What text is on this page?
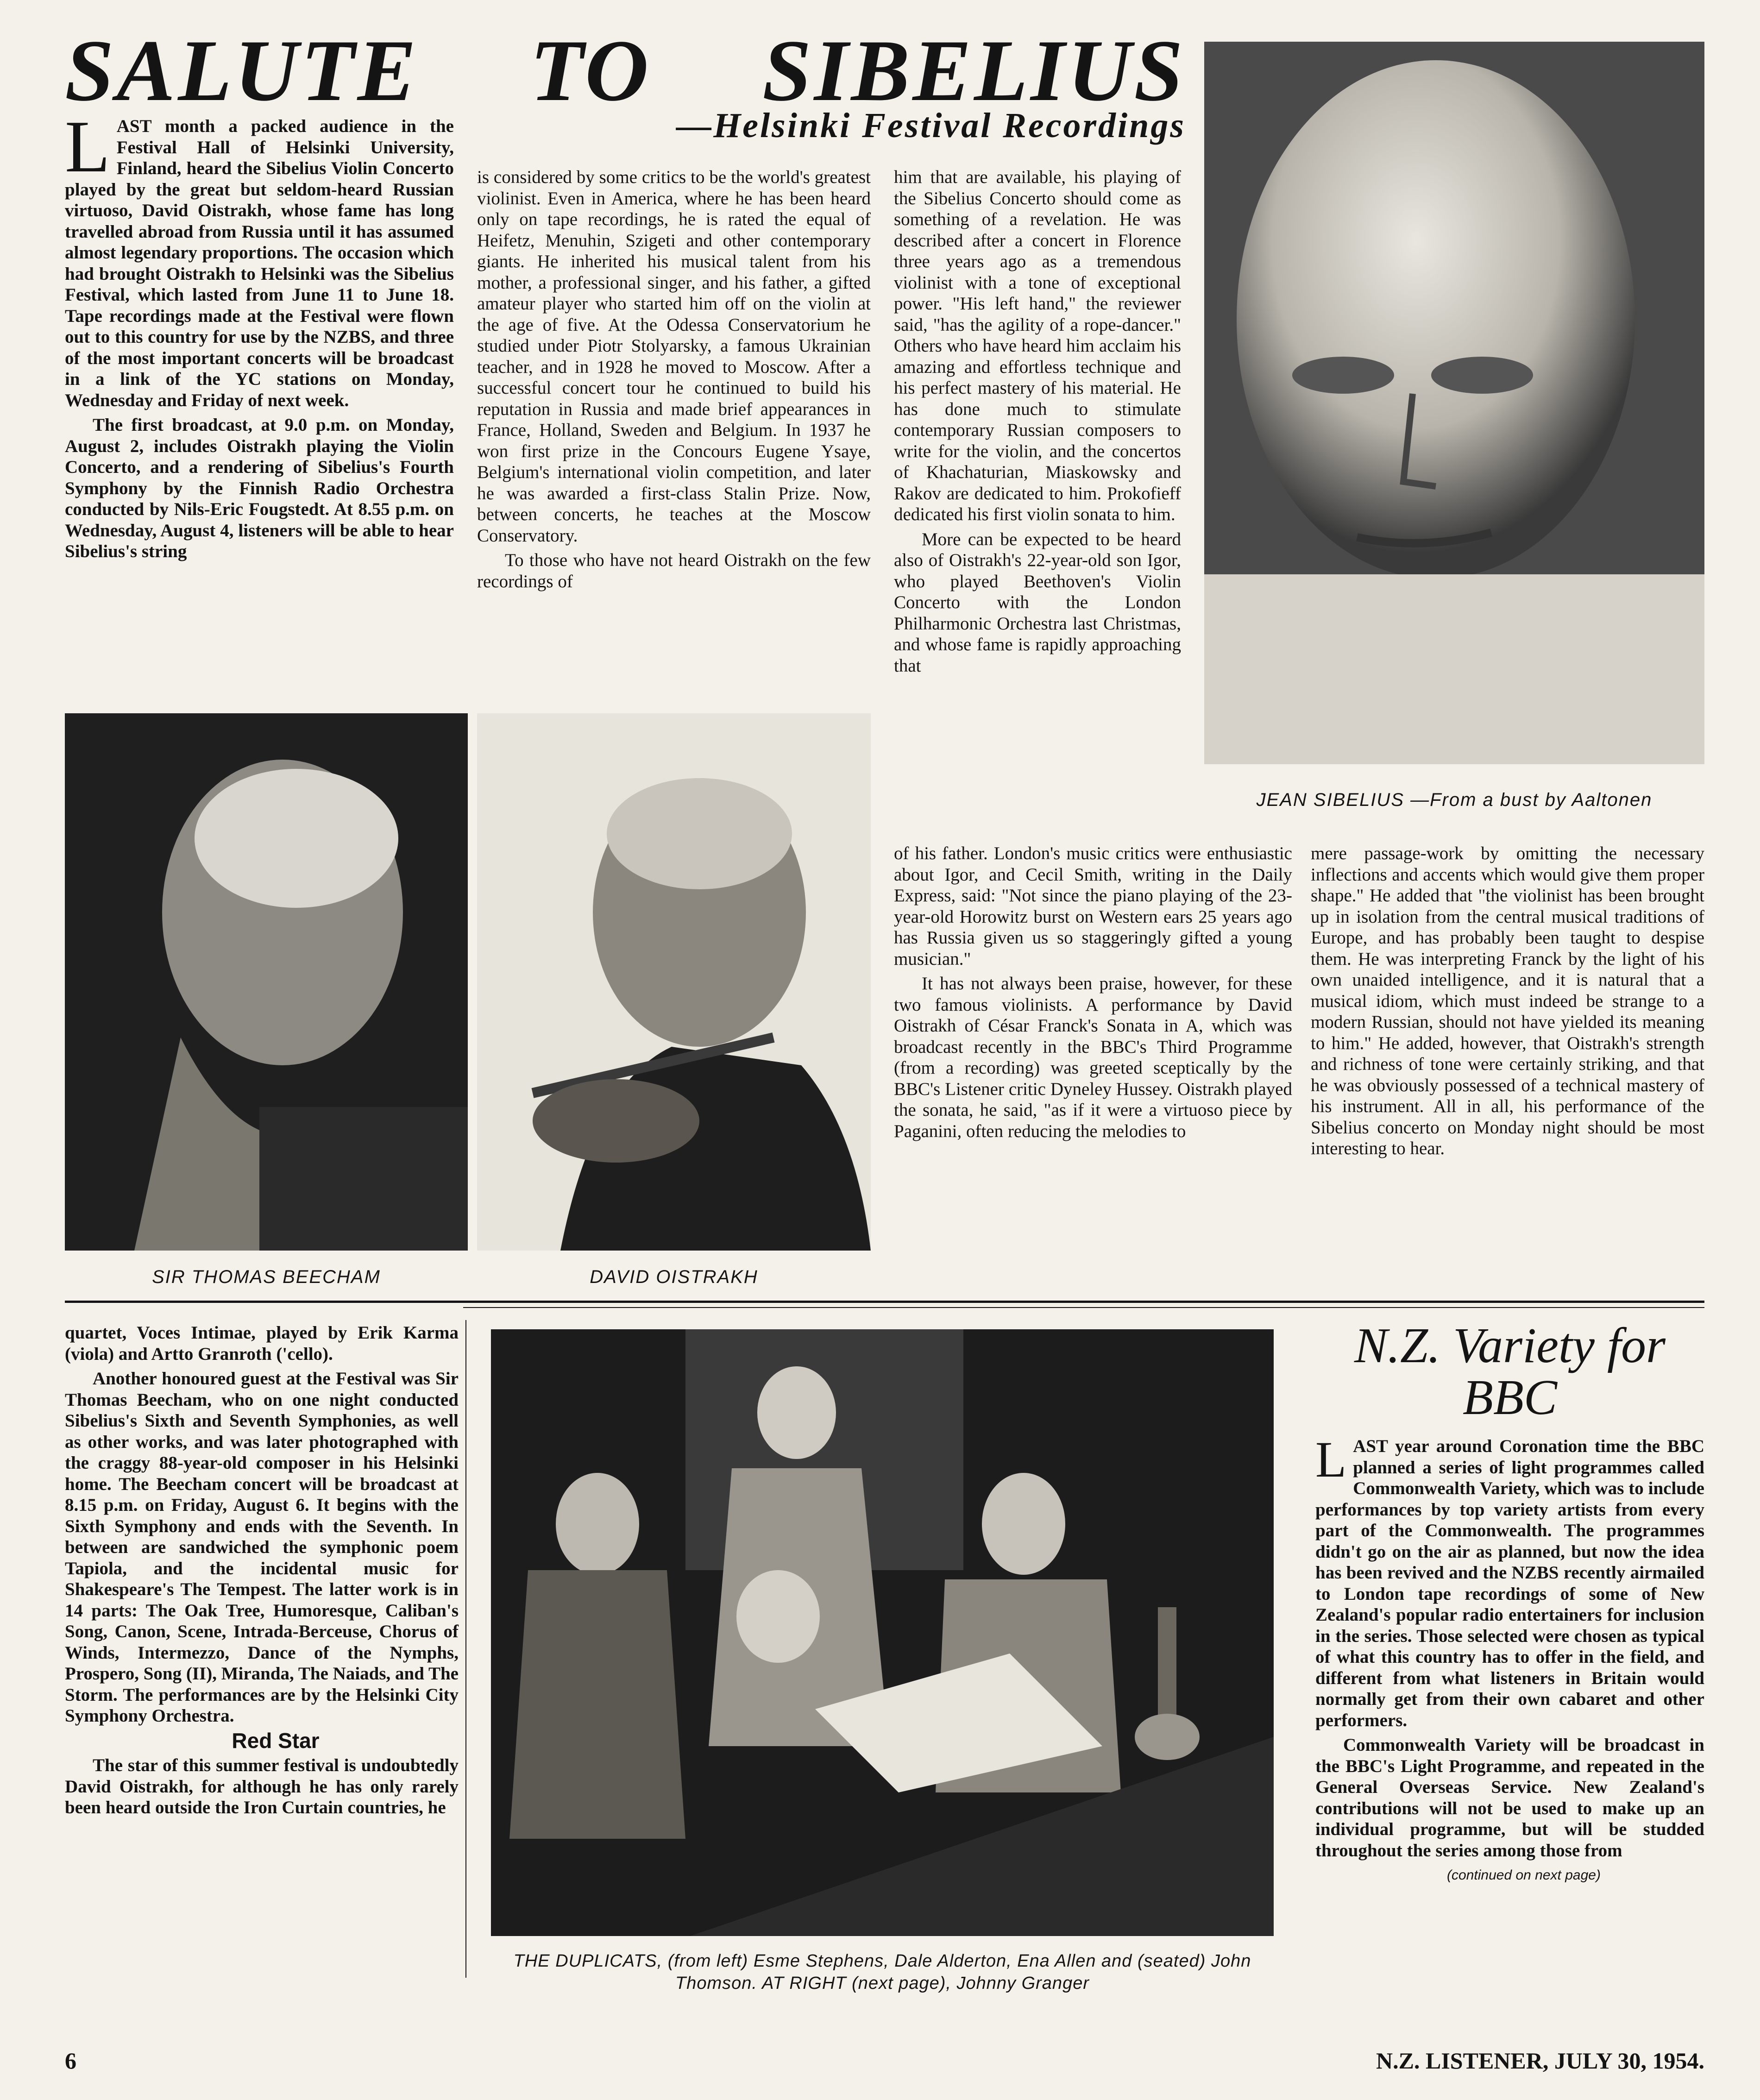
SALUTE TO SIBELIUS
—Helsinki Festival Recordings

L AST month a packed audience in the Festival Hall of Helsinki University, Finland, heard the Sibelius Violin Concerto played by the great but seldom-heard Russian virtuoso, David Oistrakh, whose fame has long travelled abroad from Russia until it has assumed almost legendary proportions. The occasion which had brought Oistrakh to Helsinki was the Sibelius Festival, which lasted from June 11 to June 18. Tape recordings made at the Festival were flown out to this country for use by the NZBS, and three of the most important concerts will be broadcast in a link of the YC stations on Monday, Wednesday and Friday of next week.

The first broadcast, at 9.0 p.m. on Monday, August 2, includes Oistrakh playing the Violin Concerto, and a rendering of Sibelius's Fourth Symphony by the Finnish Radio Orchestra conducted by Nils-Eric Fougstedt. At 8.55 p.m. on Wednesday, August 4, listeners will be able to hear Sibelius's string

is considered by some critics to be the world's greatest violinist. Even in America, where he has been heard only on tape recordings, he is rated the equal of Heifetz, Menuhin, Szigeti and other contemporary giants. He inherited his musical talent from his mother, a professional singer, and his father, a gifted amateur player who started him off on the violin at the age of five. At the Odessa Conservatorium he studied under Piotr Stolyarsky, a famous Ukrainian teacher, and in 1928 he moved to Moscow. After a successful concert tour he continued to build his reputation in Russia and made brief appearances in France, Holland, Sweden and Belgium. In 1937 he won first prize in the Concours Eugene Ysaye, Belgium's international violin competition, and later he was awarded a first-class Stalin Prize. Now, between concerts, he teaches at the Moscow Conservatory.

To those who have not heard Oistrakh on the few recordings of

him that are available, his playing of the Sibelius Concerto should come as something of a revelation. He was described after a concert in Florence three years ago as a tremendous violinist with a tone of exceptional power. "His left hand," the reviewer said, "has the agility of a rope-dancer." Others who have heard him acclaim his amazing and effortless technique and his perfect mastery of his material. He has done much to stimulate contemporary Russian composers to write for the violin, and the concertos of Khachaturian, Miaskowsky and Rakov are dedicated to him. Prokofieff dedicated his first violin sonata to him.

More can be expected to be heard also of Oistrakh's 22-year-old son Igor, who played Beethoven's Violin Concerto with the London Philharmonic Orchestra last Christmas, and whose fame is rapidly approaching that

of his father. London's music critics were enthusiastic about Igor, and Cecil Smith, writing in the Daily Express, said: "Not since the piano playing of the 23-year-old Horowitz burst on Western ears 25 years ago has Russia given us so staggeringly gifted a young musician."

It has not always been praise, however, for these two famous violinists. A performance by David Oistrakh of César Franck's Sonata in A, which was broadcast recently in the BBC's Third Programme (from a recording) was greeted sceptically by the BBC's Listener critic Dyneley Hussey. Oistrakh played the sonata, he said, "as if it were a virtuoso piece by Paganini, often reducing the melodies to

mere passage-work by omitting the necessary inflections and accents which would give them proper shape." He added that "the violinist has been brought up in isolation from the central musical traditions of Europe, and has probably been taught to despise them. He was interpreting Franck by the light of his own unaided intelligence, and it is natural that a musical idiom, which must indeed be strange to a modern Russian, should not have yielded its meaning to him." He added, however, that Oistrakh's strength and richness of tone were certainly striking, and that he was obviously possessed of a technical mastery of his instrument. All in all, his performance of the Sibelius concerto on Monday night should be most interesting to hear.

JEAN SIBELIUS —From a bust by Aaltonen
SIR THOMAS BEECHAM	DAVID OISTRAKH

quartet, Voces Intimae, played by Erik Karma (viola) and Artto Granroth ('cello).

Another honoured guest at the Festival was Sir Thomas Beecham, who on one night conducted Sibelius's Sixth and Seventh Symphonies, as well as other works, and was later photographed with the craggy 88-year-old composer in his Helsinki home. The Beecham concert will be broadcast at 8.15 p.m. on Friday, August 6. It begins with the Sixth Symphony and ends with the Seventh. In between are sandwiched the symphonic poem Tapiola, and the incidental music for Shakespeare's The Tempest. The latter work is in 14 parts: The Oak Tree, Humoresque, Caliban's Song, Canon, Scene, Intrada-Berceuse, Chorus of Winds, Intermezzo, Dance of the Nymphs, Prospero, Song (II), Miranda, The Naiads, and The Storm. The performances are by the Helsinki City Symphony Orchestra.

Red Star

The star of this summer festival is undoubtedly David Oistrakh, for although he has only rarely been heard outside the Iron Curtain countries, he

THE DUPLICATS, (from left) Esme Stephens, Dale Alderton, Ena Allen and (seated) John Thomson. AT RIGHT (next page), Johnny Granger
N.Z. Variety for
BBC

L AST year around Coronation time the BBC planned a series of light programmes called Commonwealth Variety, which was to include performances by top variety artists from every part of the Commonwealth. The programmes didn't go on the air as planned, but now the idea has been revived and the NZBS recently airmailed to London tape recordings of some of New Zealand's popular radio entertainers for inclusion in the series. Those selected were chosen as typical of what this country has to offer in the field, and different from what listeners in Britain would normally get from their own cabaret and other performers.

Commonwealth Variety will be broadcast in the BBC's Light Programme, and repeated in the General Overseas Service. New Zealand's contributions will not be used to make up an individual programme, but will be studded throughout the series among those from

(continued on next page)

6	N.Z. LISTENER, JULY 30, 1954.
